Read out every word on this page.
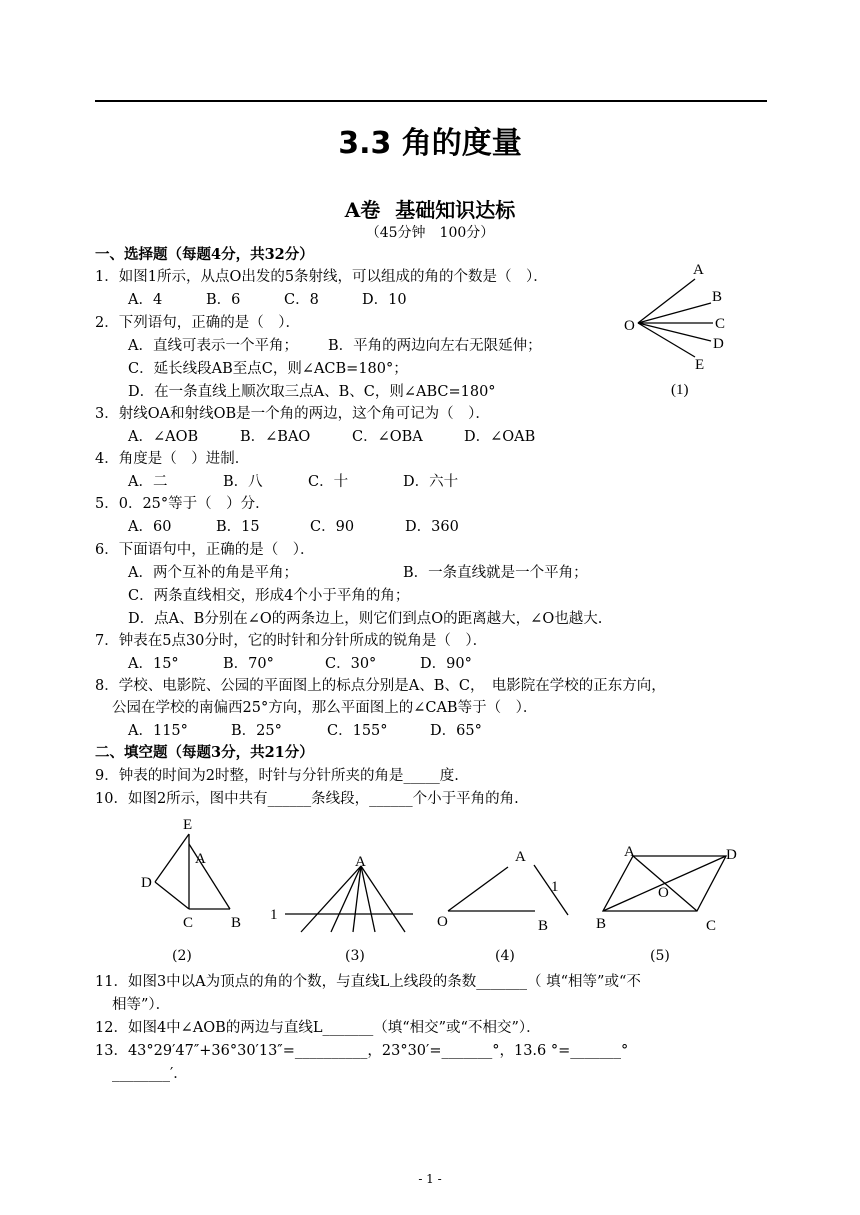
3.3 角的度量
A卷 基础知识达标
（45分钟　100分）
一、选择题（每题4分，共32分）
1．如图1所示，从点O出发的5条射线，可以组成的角的个数是（　）．
A．4	B．6	C．8	D．10
2．下列语句，正确的是（　）．
A．直线可表示一个平角； B．平角的两边向左右无限延伸；
C．延长线段AB至点C，则∠ACB=180°；
D．在一条直线上顺次取三点A、B、C，则∠ABC=180°
3．射线OA和射线OB是一个角的两边，这个角可记为（　）．
A．∠AOB	B．∠BAO	C．∠OBA	D．∠OAB
4．角度是（　）进制．
A．二	B．八	C．十	D．六十
5．0．25°等于（　）分．
A．60	B．15	C．90	D．360
6．下面语句中，正确的是（　）．
A．两个互补的角是平角；	B．一条直线就是一个平角；
C．两条直线相交，形成4个小于平角的角；
D．点A、B分别在∠O的两条边上，则它们到点O的距离越大，∠O也越大.
7．钟表在5点30分时，它的时针和分针所成的锐角是（　）．
A．15°	B．70°	C．30°	D．90°
8．学校、电影院、公园的平面图上的标点分别是A、B、C，　电影院在学校的正东方向，
公园在学校的南偏西25°方向，那么平面图上的∠CAB等于（　）．
A．115°	B．25°	C．155°	D．65°
二、填空题（每题3分，共21分）
9．钟表的时间为2时整，时针与分针所夹的角是_____度.
10．如图2所示，图中共有______条线段，______个小于平角的角.
11．如图3中以A为顶点的角的个数，与直线L上线段的条数_______（ 填“相等”或“不
相等”）．
12．如图4中∠AOB的两边与直线L_______（填“相交”或“不相交”）．
13．43°29′47″+36°30′13″=__________，23°30′=_______°，13.6 °=_______°
________′．
A
B
C
D
E
O
(1)
E
A
D
C	B
A
1
A
1
O	B
A	D
O
B	C
(2)	(3)	(4)	(5)
- 1 -
